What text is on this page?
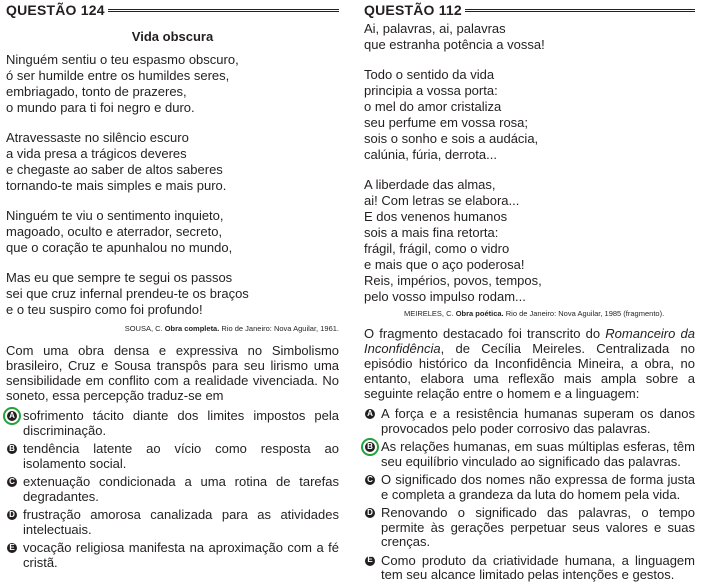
QUESTÃO 124
Vida obscura
Ninguém sentiu o teu espasmo obscuro,
ó ser humilde entre os humildes seres,
embriagado, tonto de prazeres,
o mundo para ti foi negro e duro.
Atravessaste no silêncio escuro
a vida presa a trágicos deveres
e chegaste ao saber de altos saberes
tornando-te mais simples e mais puro.
Ninguém te viu o sentimento inquieto,
magoado, oculto e aterrador, secreto,
que o coração te apunhalou no mundo,
Mas eu que sempre te segui os passos
sei que cruz infernal prendeu-te os braços
e o teu suspiro como foi profundo!
SOUSA, C. Obra completa. Rio de Janeiro: Nova Aguilar, 1961.
Com uma obra densa e expressiva no Simbolismo brasileiro, Cruz e Sousa transpôs para seu lirismo uma sensibilidade em conflito com a realidade vivenciada. No soneto, essa percepção traduz-se em
A sofrimento tácito diante dos limites impostos pela discriminação.
B tendência latente ao vício como resposta ao isolamento social.
C extenuação condicionada a uma rotina de tarefas degradantes.
D frustração amorosa canalizada para as atividades intelectuais.
E vocação religiosa manifesta na aproximação com a fé cristã.
QUESTÃO 112
Ai, palavras, ai, palavras
que estranha potência a vossa!
Todo o sentido da vida
principia a vossa porta:
o mel do amor cristaliza
seu perfume em vossa rosa;
sois o sonho e sois a audácia,
calúnia, fúria, derrota...
A liberdade das almas,
ai! Com letras se elabora...
E dos venenos humanos
sois a mais fina retorta:
frágil, frágil, como o vidro
e mais que o aço poderosa!
Reis, impérios, povos, tempos,
pelo vosso impulso rodam...
MEIRELES, C. Obra poética. Rio de Janeiro: Nova Aguilar, 1985 (fragmento).
O fragmento destacado foi transcrito do Romanceiro da Inconfidência, de Cecília Meireles. Centralizada no episódio histórico da Inconfidência Mineira, a obra, no entanto, elabora uma reflexão mais ampla sobre a seguinte relação entre o homem e a linguagem:
A A força e a resistência humanas superam os danos provocados pelo poder corrosivo das palavras.
B As relações humanas, em suas múltiplas esferas, têm seu equilíbrio vinculado ao significado das palavras.
C O significado dos nomes não expressa de forma justa e completa a grandeza da luta do homem pela vida.
D Renovando o significado das palavras, o tempo permite às gerações perpetuar seus valores e suas crenças.
E Como produto da criatividade humana, a linguagem tem seu alcance limitado pelas intenções e gestos.
